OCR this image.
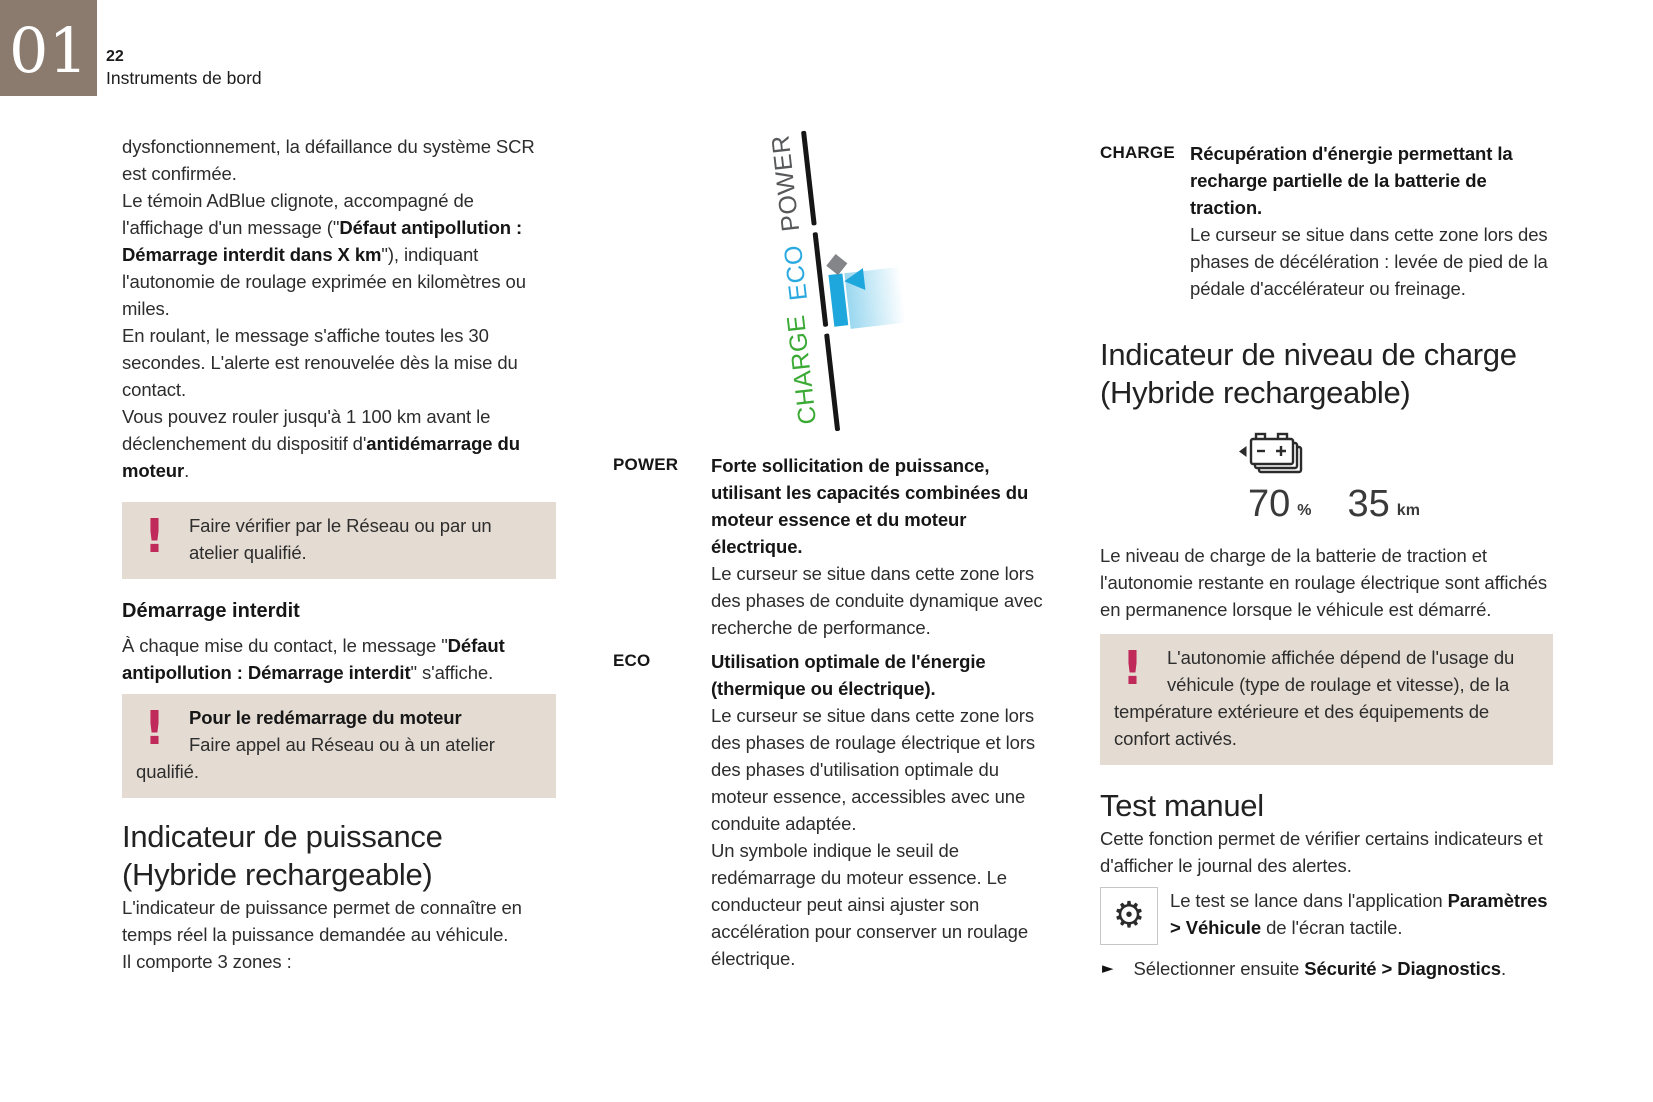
01 22

Instruments de bord

dysfonctionnement, la défaillance du système SCR est confirmée.

Le témoin AdBlue clignote, accompagné de l'affichage d'un message ("Défaut antipollution : Démarrage interdit dans X km"), indiquant l'autonomie de roulage exprimée en kilomètres ou miles.

En roulant, le message s'affiche toutes les 30 secondes. L'alerte est renouvelée dès la mise du contact.

Vous pouvez rouler jusqu'à 1 100 km avant le déclenchement du dispositif d'antidémarrage du moteur.

!	Faire vérifier par le Réseau ou par un atelier qualifié.

Démarrage interdit

À chaque mise du contact, le message "Défaut antipollution : Démarrage interdit" s'affiche.

!	Pour le redémarrage du moteur

Faire appel au Réseau ou à un atelier qualifié.

Indicateur de puissance (Hybride rechargeable)

L'indicateur de puissance permet de connaître en temps réel la puissance demandée au véhicule.

Il comporte 3 zones :

POWER
ECO
CHARGE
POWER	Forte sollicitation de puissance, utilisant les capacités combinées du moteur essence et du moteur électrique.

Le curseur se situe dans cette zone lors des phases de conduite dynamique avec recherche de performance.

ECO	Utilisation optimale de l'énergie (thermique ou électrique).

Le curseur se situe dans cette zone lors des phases de roulage électrique et lors des phases d'utilisation optimale du moteur essence, accessibles avec une conduite adaptée.

Un symbole indique le seuil de redémarrage du moteur essence. Le conducteur peut ainsi ajuster son accélération pour conserver un roulage électrique.

CHARGE Récupération d'énergie permettant la recharge partielle de la batterie de traction.

Le curseur se situe dans cette zone lors des phases de décélération : levée de pied de la pédale d'accélérateur ou freinage.

Indicateur de niveau de charge (Hybride rechargeable)
70 % 35 km

Le niveau de charge de la batterie de traction et l'autonomie restante en roulage électrique sont affichés en permanence lorsque le véhicule est démarré.

!	L'autonomie affichée dépend de l'usage du véhicule (type de roulage et vitesse), de la température extérieure et des équipements de confort activés.

Test manuel

Cette fonction permet de vérifier certains indicateurs et d'afficher le journal des alertes.

⚙ Le test se lance dans l'application Paramètres > Véhicule de l'écran tactile.

► Sélectionner ensuite Sécurité > Diagnostics.
